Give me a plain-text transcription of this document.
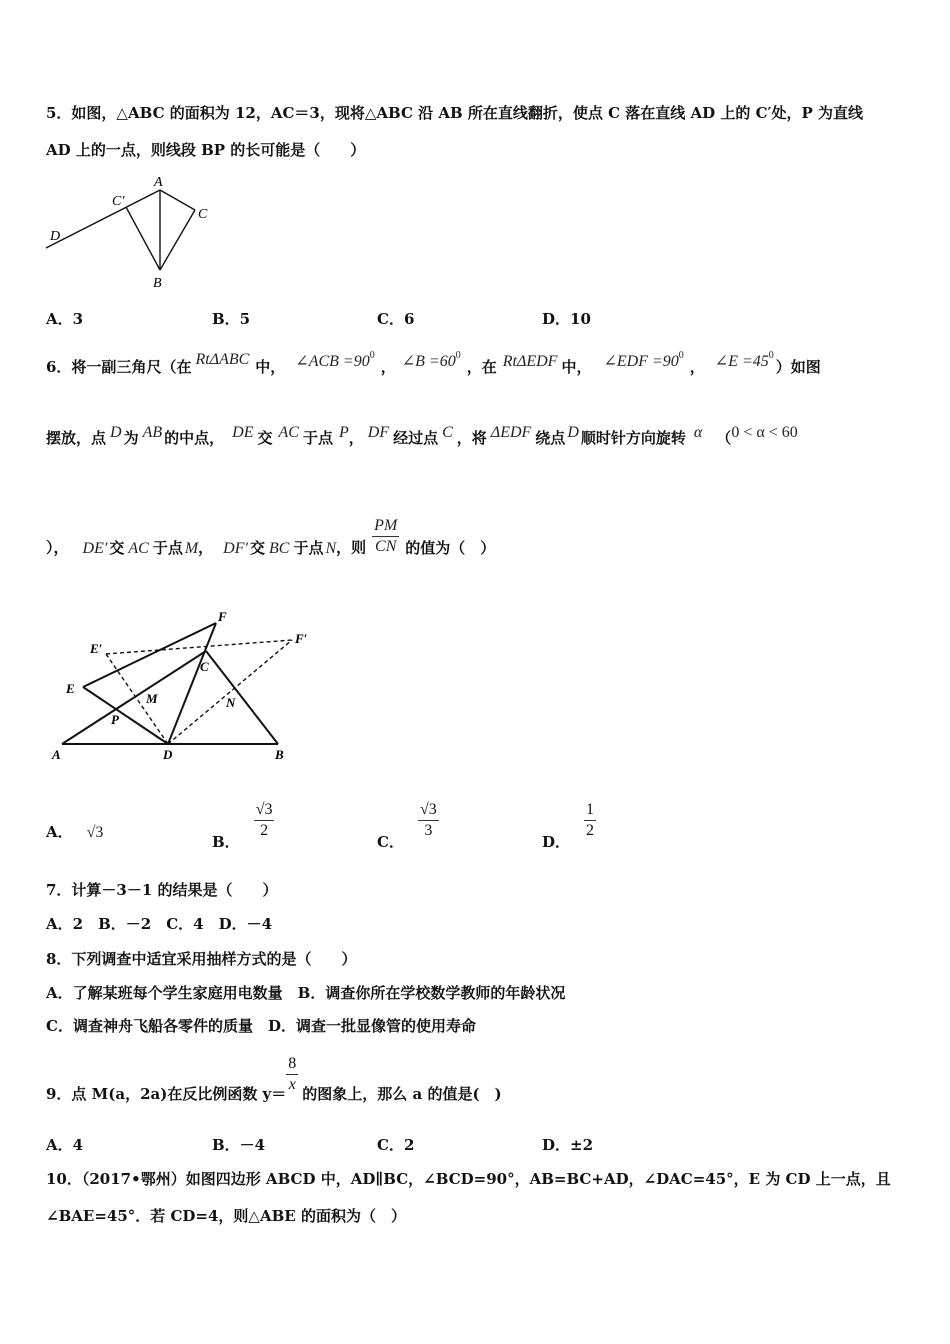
5．如图，△ABC 的面积为 12，AC＝3，现将△ABC 沿 AB 所在直线翻折，使点 C 落在直线 AD 上的 C′处，P 为直线
AD 上的一点，则线段 BP 的长可能是（　　）
A
C′
C
D
B
A．3	B．5	C．6	D．10
6．将一副三角尺（在 RtΔABC 中， ∠ACB $=90^0$， ∠B $=60^0$，在 RtΔEDF 中， ∠EDF $=90^0$， ∠E $=45^0$）如图
摆放，点 D 为 AB 的中点， DE 交 AC 于点 P， DF 经过点 C ，将 ΔEDF 绕点 D 顺时针方向旋转 α （0 < α < 60
）， DE′ 交 AC 于点 M， DF′ 交 BC 于点 N，则 $\frac{PM}{CN}$ 的值为（　）
F
F′
E′
C
E
M	N
P
A	D	B
A． √3	B．
$\frac{√3}{2}$
C．
$\frac{√3}{3}$
D．
$\frac{1}{2}$
7．计算－3－1 的结果是（　　）
A．2　B．－2　C．4　D．－4
8．下列调查中适宜采用抽样方式的是（　　）
A．了解某班每个学生家庭用电数量　B．调查你所在学校数学教师的年龄状况
C．调查神舟飞船各零件的质量　D．调查一批显像管的使用寿命
9．点 M(a，2a)在反比例函数 $y= \frac{8}{x}$ 的图象上，那么 a 的值是(　)
A．4	B．－4	C．2	D．±2
10．（2017•鄂州）如图四边形 ABCD 中，AD∥BC，∠BCD=90°，AB=BC+AD，∠DAC=45°，E 为 CD 上一点，且
∠BAE=45°．若 CD=4，则△ABE 的面积为（　）
